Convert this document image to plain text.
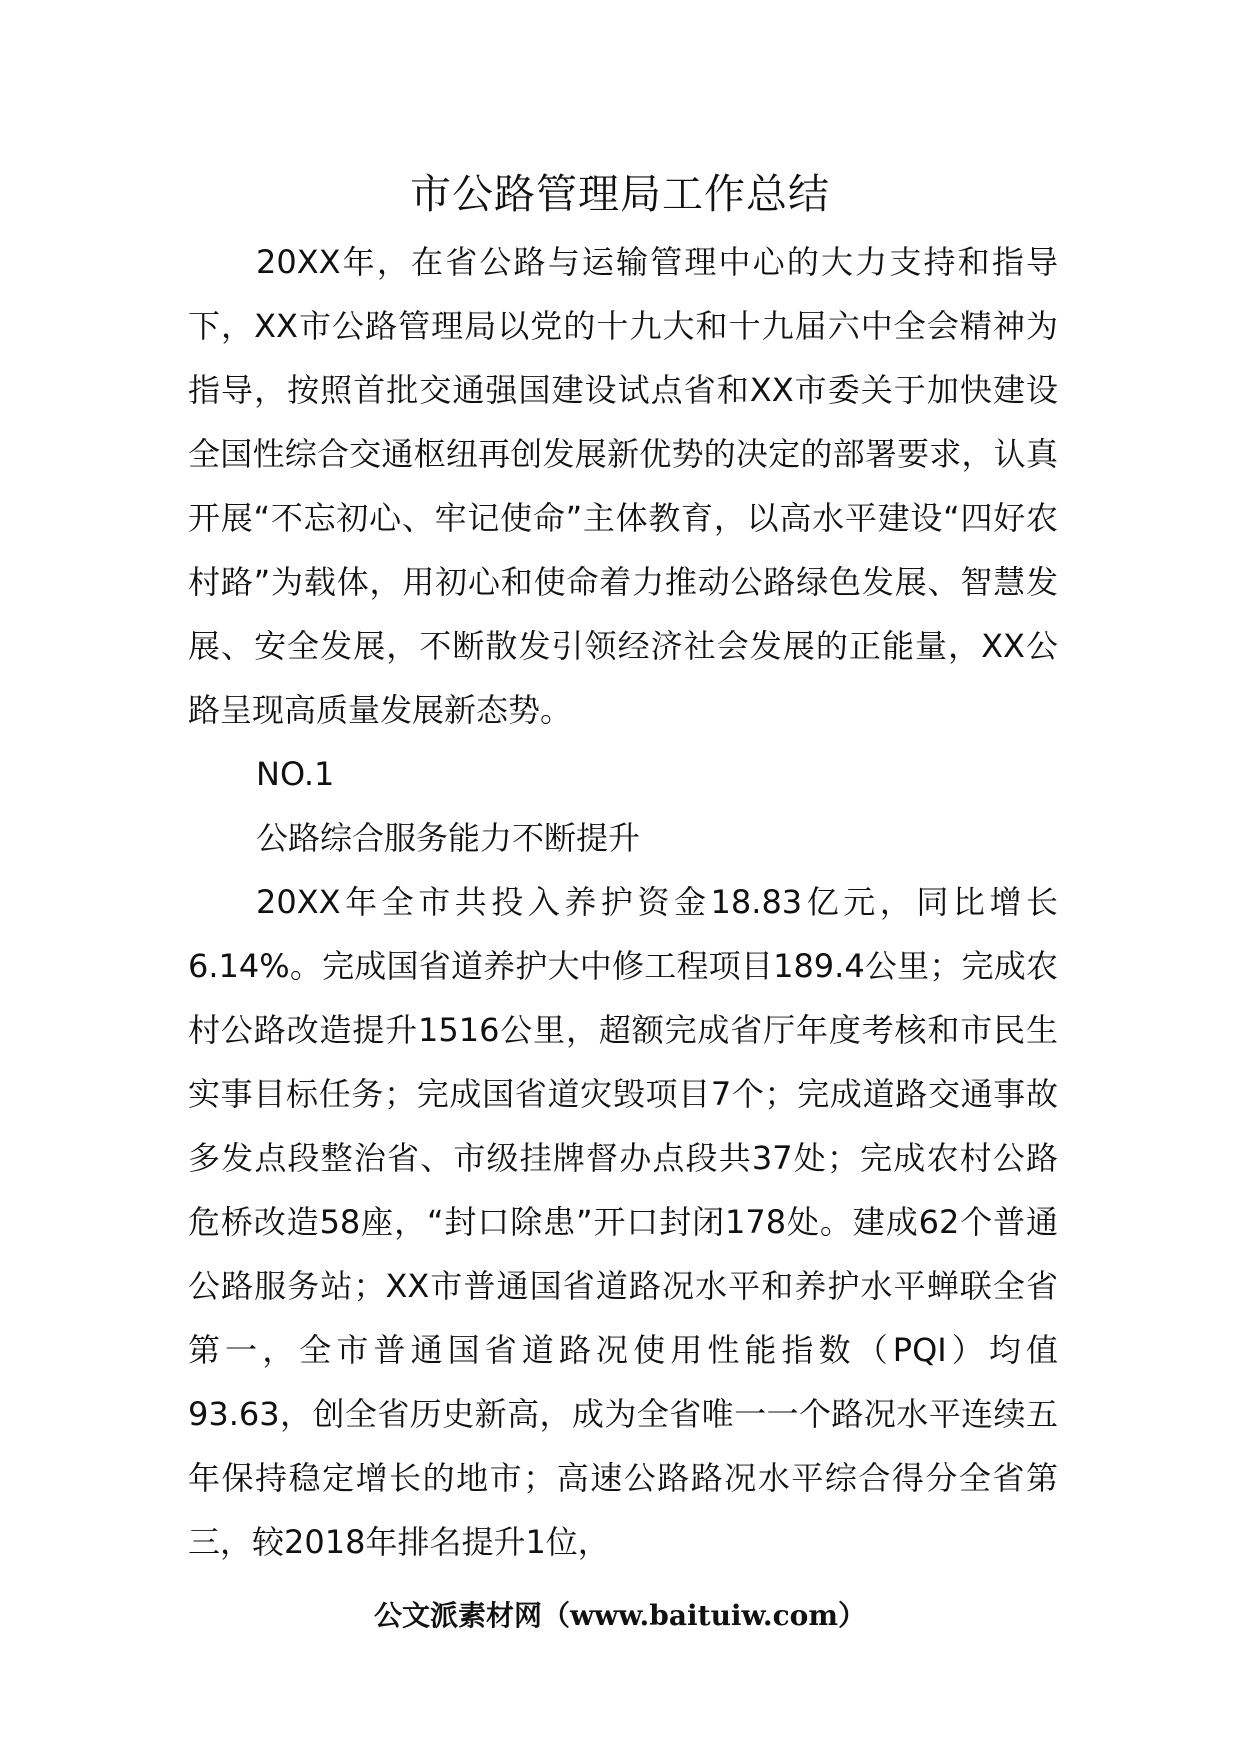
市公路管理局工作总结

20XX年，在省公路与运输管理中心的大力支持和指导下，XX市公路管理局以党的十九大和十九届六中全会精神为指导，按照首批交通强国建设试点省和XX市委关于加快建设全国性综合交通枢纽再创发展新优势的决定的部署要求，认真开展“不忘初心、牢记使命”主体教育，以高水平建设“四好农村路”为载体，用初心和使命着力推动公路绿色发展、智慧发展、安全发展，不断散发引领经济社会发展的正能量，XX公路呈现高质量发展新态势。

NO.1

公路综合服务能力不断提升

20XX年全市共投入养护资金18.83亿元，同比增长6.14%。完成国省道养护大中修工程项目189.4公里；完成农村公路改造提升1516公里，超额完成省厅年度考核和市民生实事目标任务；完成国省道灾毁项目7个；完成道路交通事故多发点段整治省、市级挂牌督办点段共37处；完成农村公路危桥改造58座，“封口除患”开口封闭178处。建成62个普通公路服务站；XX市普通国省道路况水平和养护水平蝉联全省第一，全市普通国省道路况使用性能指数（PQI）均值93.63，创全省历史新高，成为全省唯一一个路况水平连续五年保持稳定增长的地市；高速公路路况水平综合得分全省第三，较2018年排名提升1位，

公文派素材网（www.baituiw.com）
